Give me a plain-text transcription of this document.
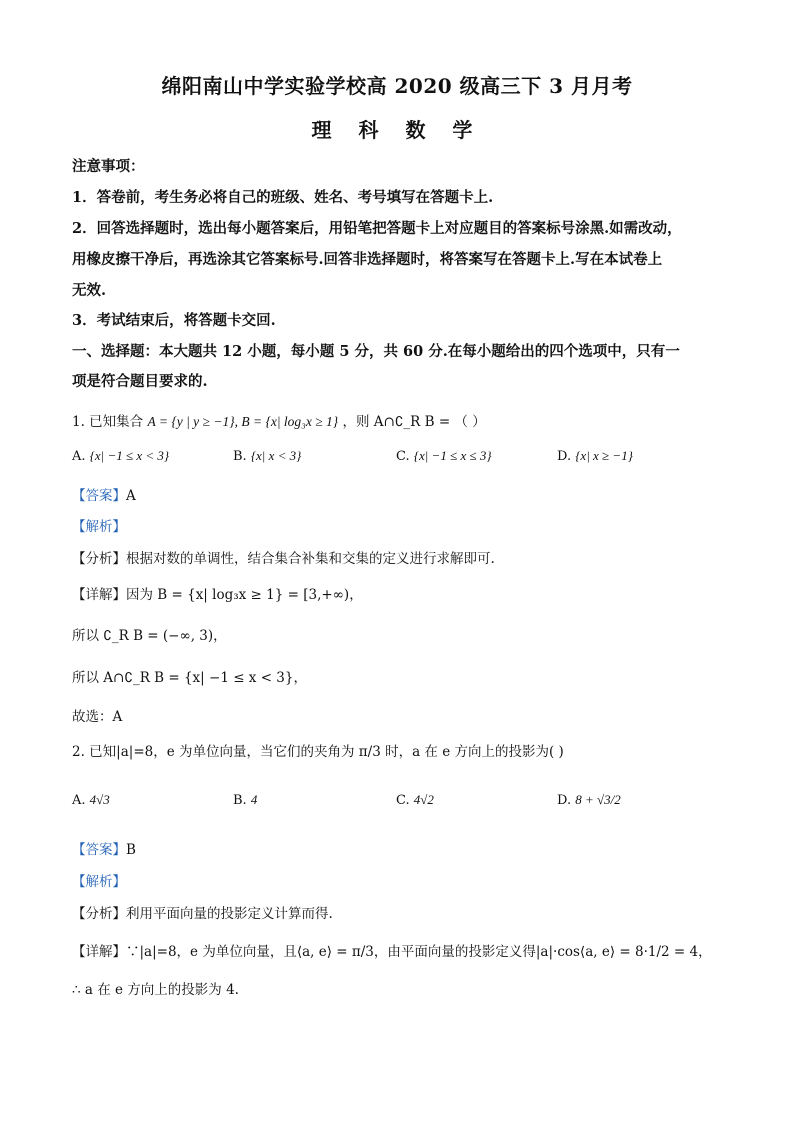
绵阳南山中学实验学校高 2020 级高三下 3 月月考
理 科 数 学
注意事项：
1．答卷前，考生务必将自己的班级、姓名、考号填写在答题卡上.
2．回答选择题时，选出每小题答案后，用铅笔把答题卡上对应题目的答案标号涂黑.如需改动，
用橡皮擦干净后，再选涂其它答案标号.回答非选择题时，将答案写在答题卡上.写在本试卷上
无效.
3．考试结束后，将答题卡交回.
一、选择题：本大题共 12 小题，每小题 5 分，共 60 分.在每小题给出的四个选项中，只有一
项是符合题目要求的.
1. 已知集合 A = {y | y ≥ −1}, B = {x| log₃x ≥ 1} ，则 A∩∁_R B = （ ）
A. {x| −1 ≤ x < 3}	B. {x| x < 3}	C. {x| −1 ≤ x ≤ 3}	D. {x| x ≥ −1}
【答案】A
【解析】
【分析】根据对数的单调性，结合集合补集和交集的定义进行求解即可.
【详解】因为 B = {x| log₃x ≥ 1} = [3,+∞)，
所以 ∁_R B = (−∞, 3)，
所以 A∩∁_R B = {x| −1 ≤ x < 3}，
故选：A
2. 已知|a|=8，e 为单位向量，当它们的夹角为 π/3 时，a 在 e 方向上的投影为( )
A. 4√3	B. 4	C. 4√2	D. 8 + √3/2
【答案】B
【解析】
【分析】利用平面向量的投影定义计算而得.
【详解】∵|a|=8，e 为单位向量，且⟨a, e⟩ = π/3，由平面向量的投影定义得|a|·cos⟨a, e⟩ = 8·1/2 = 4，
∴ a 在 e 方向上的投影为 4.
